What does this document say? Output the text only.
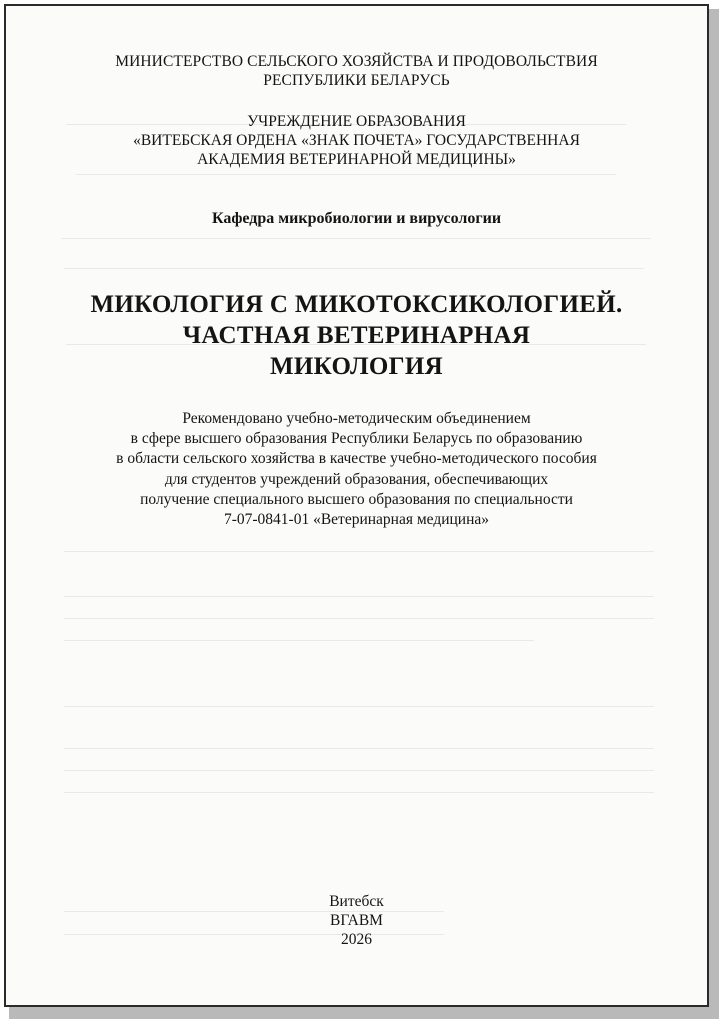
МИНИСТЕРСТВО СЕЛЬСКОГО ХОЗЯЙСТВА И ПРОДОВОЛЬСТВИЯ
РЕСПУБЛИКИ БЕЛАРУСЬ
УЧРЕЖДЕНИЕ ОБРАЗОВАНИЯ
«ВИТЕБСКАЯ ОРДЕНА «ЗНАК ПОЧЕТА» ГОСУДАРСТВЕННАЯ
АКАДЕМИЯ ВЕТЕРИНАРНОЙ МЕДИЦИНЫ»
Кафедра микробиологии и вирусологии
МИКОЛОГИЯ С МИКОТОКСИКОЛОГИЕЙ.
ЧАСТНАЯ ВЕТЕРИНАРНАЯ
МИКОЛОГИЯ
Рекомендовано учебно-методическим объединением
в сфере высшего образования Республики Беларусь по образованию
в области сельского хозяйства в качестве учебно-методического пособия
для студентов учреждений образования, обеспечивающих
получение специального высшего образования по специальности
7-07-0841-01 «Ветеринарная медицина»
Витебск
ВГАВМ
2026
